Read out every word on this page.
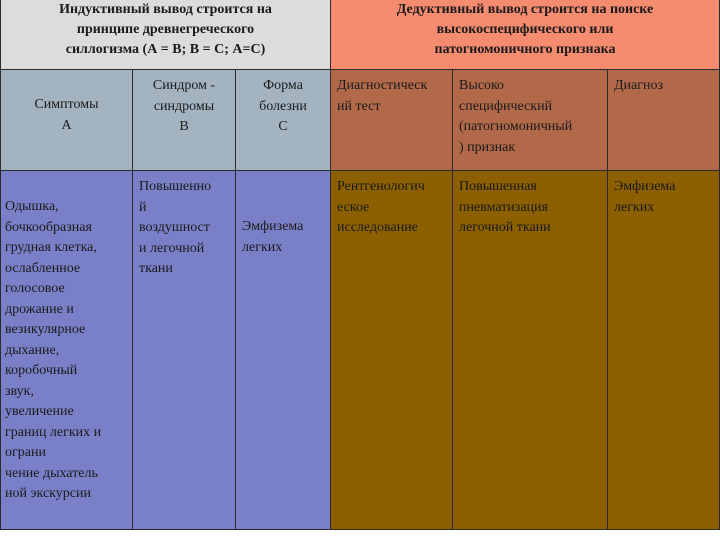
Индуктивный вывод строится на
принципе древнегреческого
силлогизма (А = В; В = С; А=С)
Дедуктивный вывод строится на поиске
высокоспецифического или
патогномоничного признака
Симптомы
А
Синдром -
синдромы
В
Форма
болезни
С
Диагностическ
ий тест
Высоко
специфический
(патогномоничный
) признак
Диагноз
Одышка,
бочкообразная
грудная клетка,
ослабленное
голосовое
дрожание и
везикулярное
дыхание,
коробочный
звук,
увеличение
границ легких и
ограни
чение дыхатель
ной экскурсии
Повышенно
й
воздушност
и легочной
ткани
Эмфизема
легких
Рентгенологич
еское
исследование
Повышенная
пневматизация
легочной ткани
Эмфизема
легких
